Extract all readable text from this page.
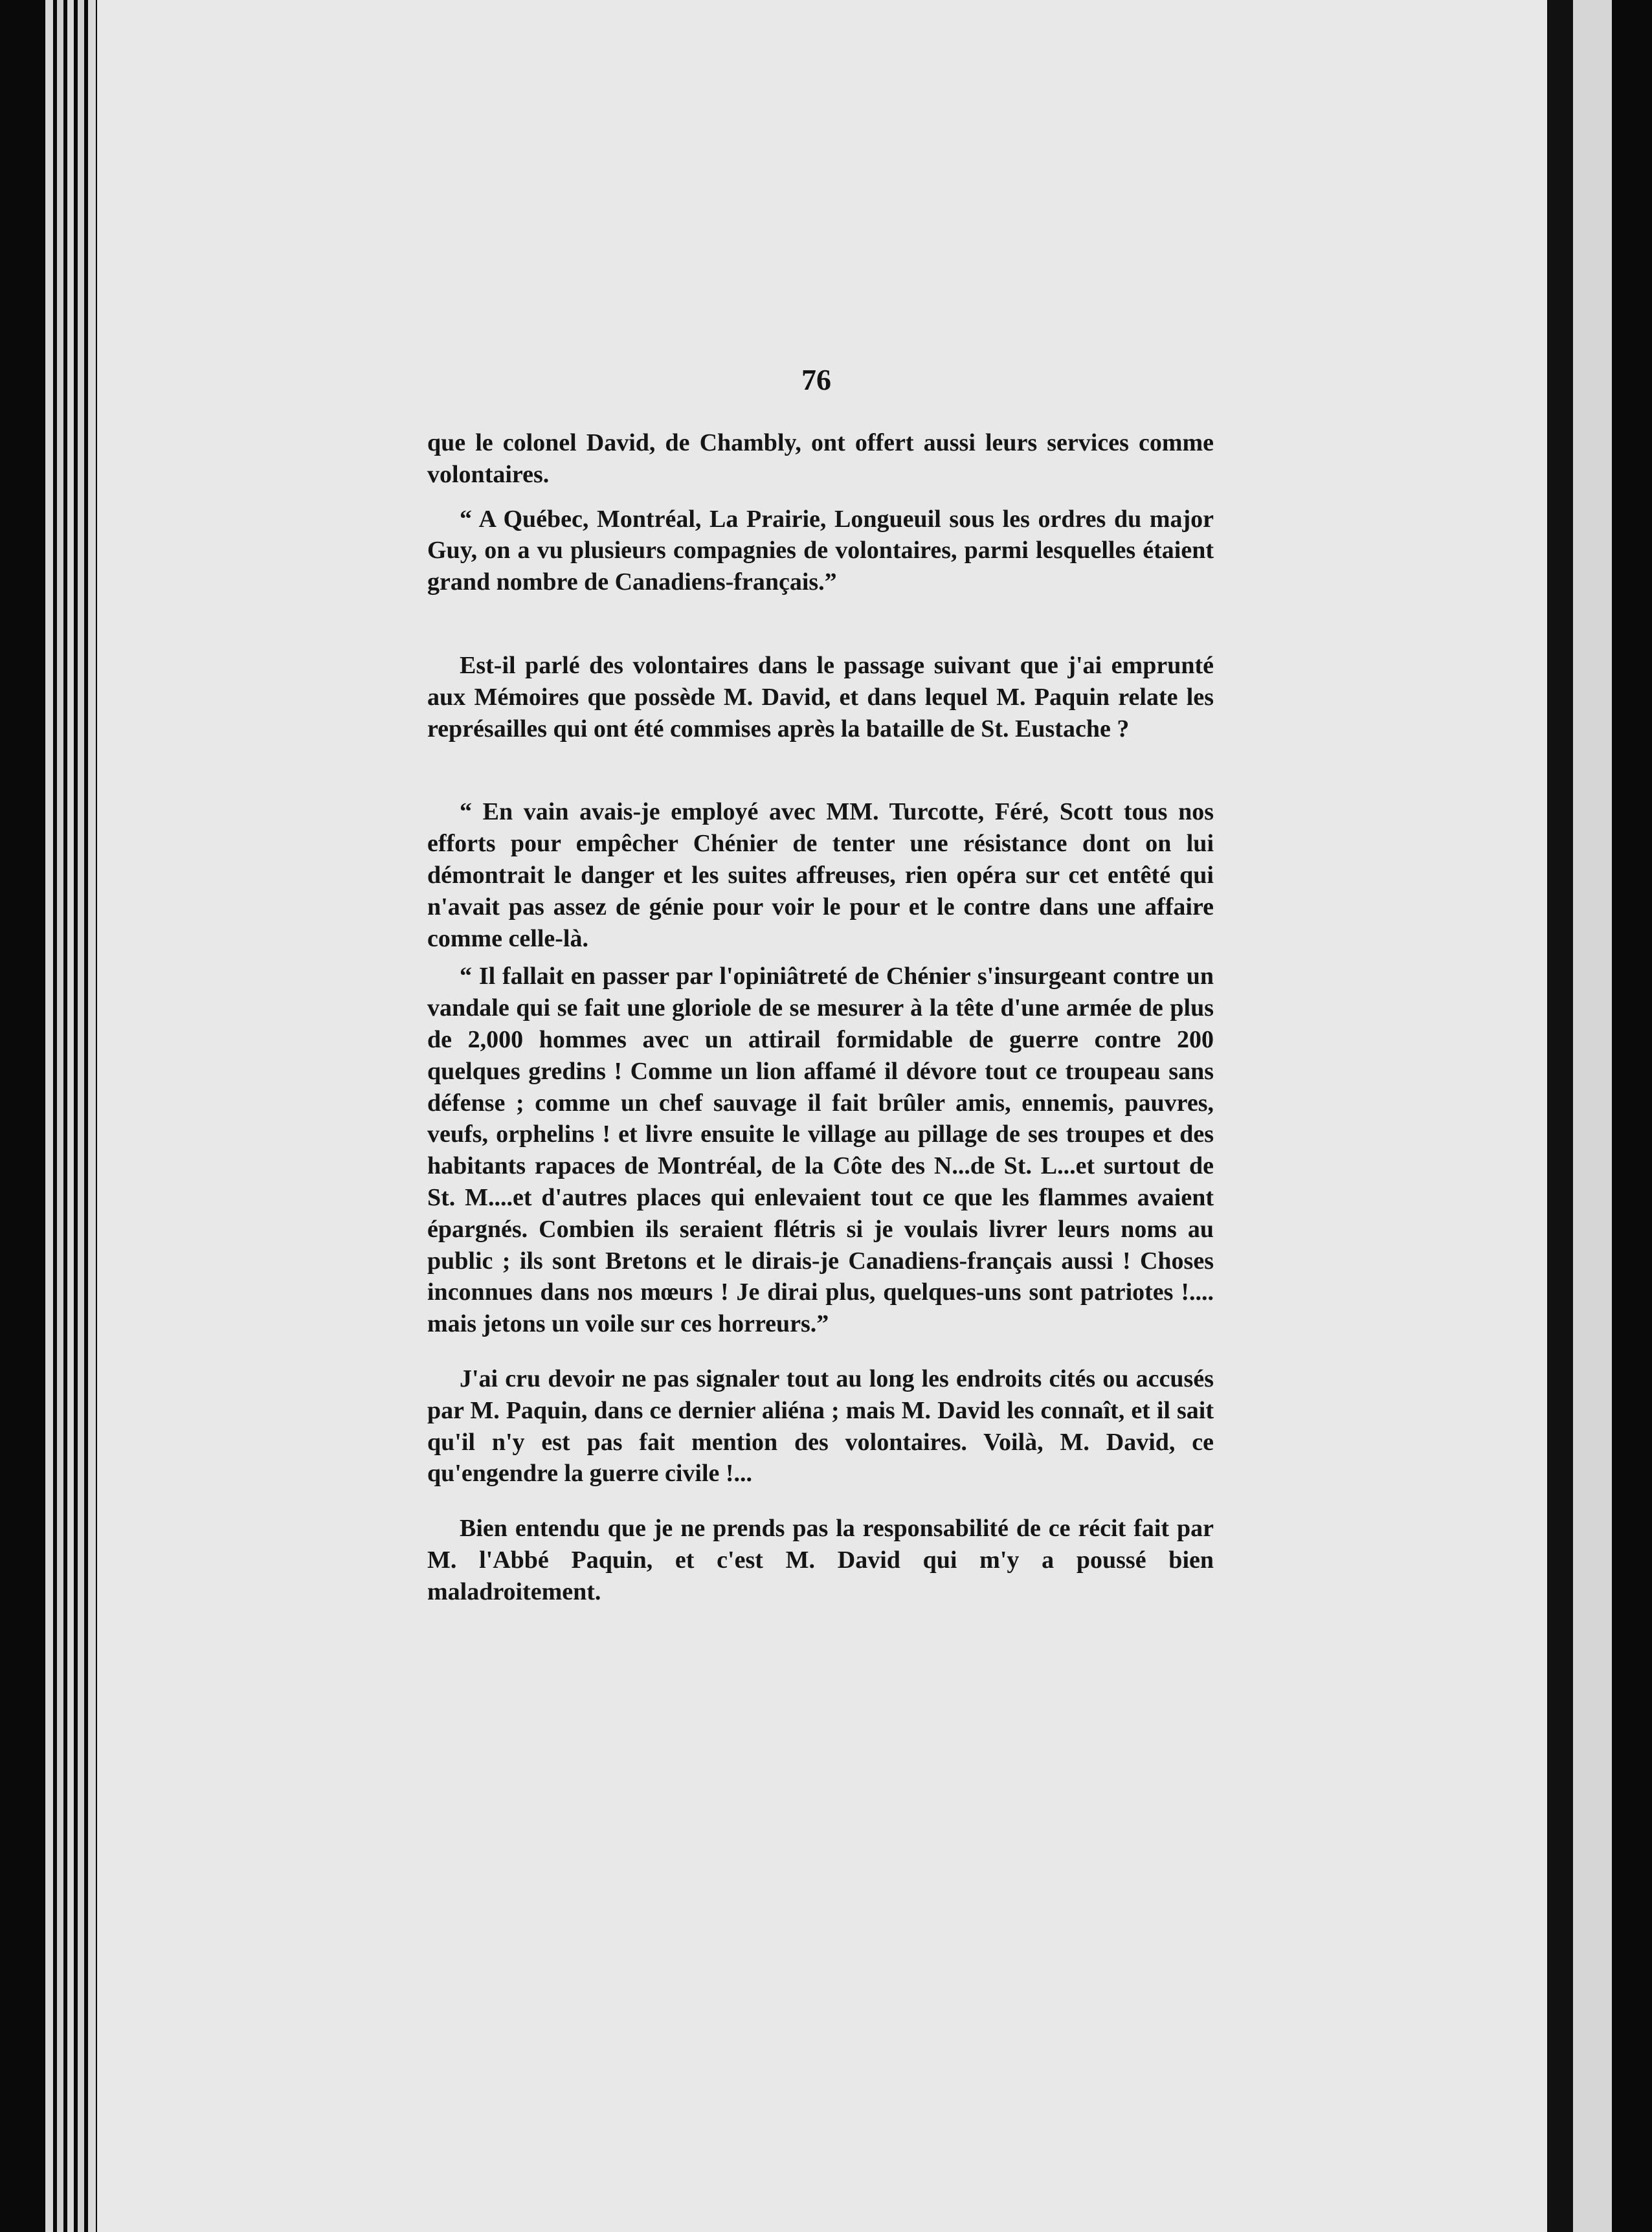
76

que le colonel David, de Chambly, ont offert aussi leurs services comme volontaires.

“ A Québec, Montréal, La Prairie, Longueuil sous les ordres du major Guy, on a vu plusieurs compagnies de volontaires, parmi lesquelles étaient grand nombre de Canadiens-français.”

Est-il parlé des volontaires dans le passage suivant que j'ai emprunté aux Mémoires que possède M. David, et dans lequel M. Paquin relate les représailles qui ont été commises après la bataille de St. Eustache ?

“ En vain avais-je employé avec MM. Turcotte, Féré, Scott tous nos efforts pour empêcher Chénier de tenter une résistance dont on lui démontrait le danger et les suites affreuses, rien opéra sur cet entêté qui n'avait pas assez de génie pour voir le pour et le contre dans une affaire comme celle-là.

“ Il fallait en passer par l'opiniâtreté de Chénier s'insurgeant contre un vandale qui se fait une gloriole de se mesurer à la tête d'une armée de plus de 2,000 hommes avec un attirail formidable de guerre contre 200 quelques gredins ! Comme un lion affamé il dévore tout ce troupeau sans défense ; comme un chef sauvage il fait brûler amis, ennemis, pauvres, veufs, orphelins ! et livre ensuite le village au pillage de ses troupes et des habitants rapaces de Montréal, de la Côte des N...de St. L...et surtout de St. M....et d'autres places qui enlevaient tout ce que les flammes avaient épargnés. Combien ils seraient flétris si je voulais livrer leurs noms au public ; ils sont Bretons et le dirais-je Canadiens-français aussi ! Choses inconnues dans nos mœurs ! Je dirai plus, quelques-uns sont patriotes !.... mais jetons un voile sur ces horreurs.”

J'ai cru devoir ne pas signaler tout au long les endroits cités ou accusés par M. Paquin, dans ce dernier aliéna ; mais M. David les connaît, et il sait qu'il n'y est pas fait mention des volontaires. Voilà, M. David, ce qu'engendre la guerre civile !...

Bien entendu que je ne prends pas la responsabilité de ce récit fait par M. l'Abbé Paquin, et c'est M. David qui m'y a poussé bien maladroitement.
